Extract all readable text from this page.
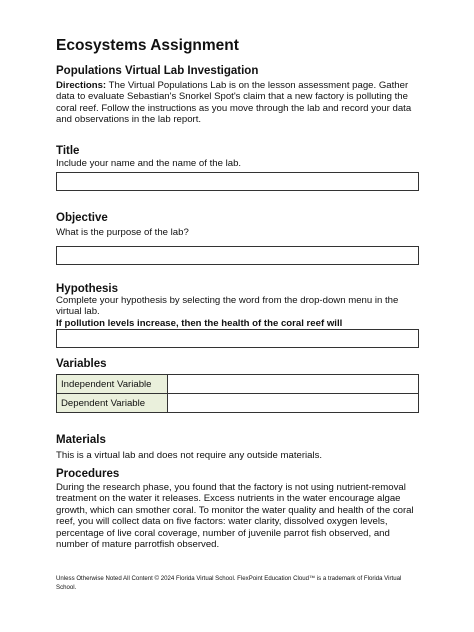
Ecosystems Assignment
Populations Virtual Lab Investigation
Directions: The Virtual Populations Lab is on the lesson assessment page. Gather data to evaluate Sebastian's Snorkel Spot's claim that a new factory is polluting the coral reef. Follow the instructions as you move through the lab and record your data and observations in the lab report.
Title
Include your name and the name of the lab.
Objective
What is the purpose of the lab?
Hypothesis
Complete your hypothesis by selecting the word from the drop-down menu in the virtual lab.
If pollution levels increase, then the health of the coral reef will
Variables
Independent Variable	
Dependent Variable	
Materials
This is a virtual lab and does not require any outside materials.
Procedures
During the research phase, you found that the factory is not using nutrient-removal treatment on the water it releases. Excess nutrients in the water encourage algae growth, which can smother coral. To monitor the water quality and health of the coral reef, you will collect data on five factors: water clarity, dissolved oxygen levels, percentage of live coral coverage, number of juvenile parrot fish observed, and number of mature parrotfish observed.
Unless Otherwise Noted All Content © 2024 Florida Virtual School. FlexPoint Education Cloud™ is a trademark of Florida Virtual School.
